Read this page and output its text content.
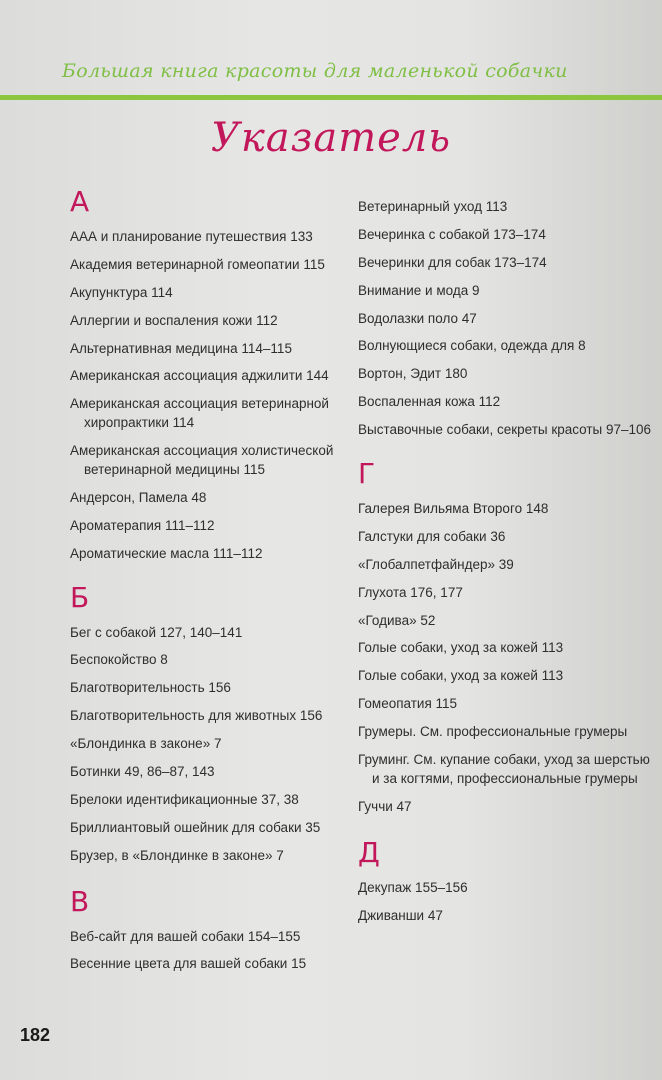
Большая книга красоты для маленькой собачки
Указатель
А
ААА и планирование путешествия 133
Академия ветеринарной гомеопатии 115
Акупунктура 114
Аллергии и воспаления кожи 112
Альтернативная медицина 114–115
Американская ассоциация аджилити 144
Американская ассоциация ветеринарной хиропрактики 114
Американская ассоциация холистической ветеринарной медицины 115
Андерсон, Памела 48
Ароматерапия 111–112
Ароматические масла 111–112
Б
Бег с собакой 127, 140–141
Беспокойство 8
Благотворительность 156
Благотворительность для животных 156
«Блондинка в законе» 7
Ботинки 49, 86–87, 143
Брелоки идентификационные 37, 38
Бриллиантовый ошейник для собаки 35
Брузер, в «Блондинке в законе» 7
В
Веб-сайт для вашей собаки 154–155
Весенние цвета для вашей собаки 15
Ветеринарный уход 113
Вечеринка с собакой 173–174
Вечеринки для собак 173–174
Внимание и мода 9
Водолазки поло 47
Волнующиеся собаки, одежда для 8
Вортон, Эдит 180
Воспаленная кожа 112
Выставочные собаки, секреты красоты 97–106
Г
Галерея Вильяма Второго 148
Галстуки для собаки 36
«Глобалпетфайндер» 39
Глухота 176, 177
«Годива» 52
Голые собаки, уход за кожей 113
Голые собаки, уход за кожей 113
Гомеопатия 115
Грумеры. См. профессиональные грумеры
Груминг. См. купание собаки, уход за шерстью и за когтями, профессиональные грумеры
Гуччи 47
Д
Декупаж 155–156
Дживанши 47
182
